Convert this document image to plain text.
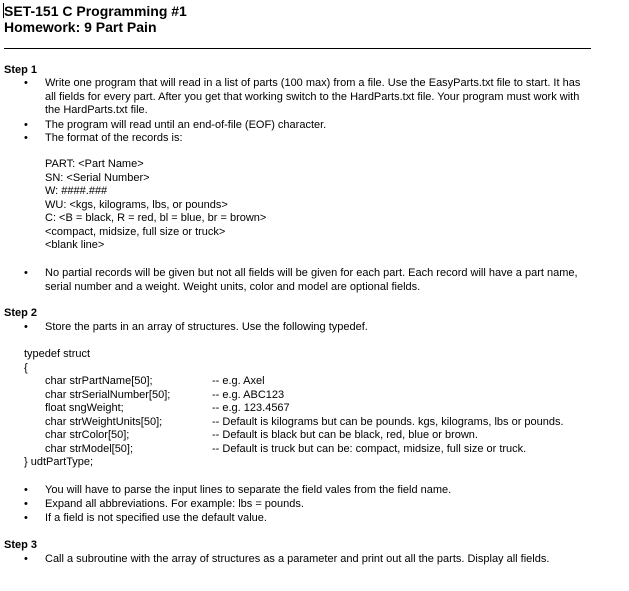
SET-151 C Programming #1
Homework: 9 Part Pain
Step 1
Write one program that will read in a list of parts (100 max) from a file. Use the EasyParts.txt file to start. It has all fields for every part. After you get that working switch to the HardParts.txt file. Your program must work with the HardParts.txt file.
The program will read until an end-of-file (EOF) character.
The format of the records is:
PART: <Part Name>
SN: <Serial Number>
W: ####.###
WU: <kgs, kilograms, lbs, or pounds>
C: <B = black, R = red, bl = blue, br = brown>
<compact, midsize, full size or truck>
<blank line>
No partial records will be given but not all fields will be given for each part. Each record will have a part name, serial number and a weight. Weight units, color and model are optional fields.
Step 2
Store the parts in an array of structures. Use the following typedef.
typedef struct
{
char strPartName[50];	-- e.g. Axel
char strSerialNumber[50];	-- e.g. ABC123
float sngWeight;	-- e.g. 123.4567
char strWeightUnits[50];	-- Default is kilograms but can be pounds. kgs, kilograms, lbs or pounds.
char strColor[50];	-- Default is black but can be black, red, blue or brown.
char strModel[50];	-- Default is truck but can be: compact, midsize, full size or truck.
} udtPartType;
You will have to parse the input lines to separate the field vales from the field name.
Expand all abbreviations. For example: lbs = pounds.
If a field is not specified use the default value.
Step 3
Call a subroutine with the array of structures as a parameter and print out all the parts. Display all fields.
